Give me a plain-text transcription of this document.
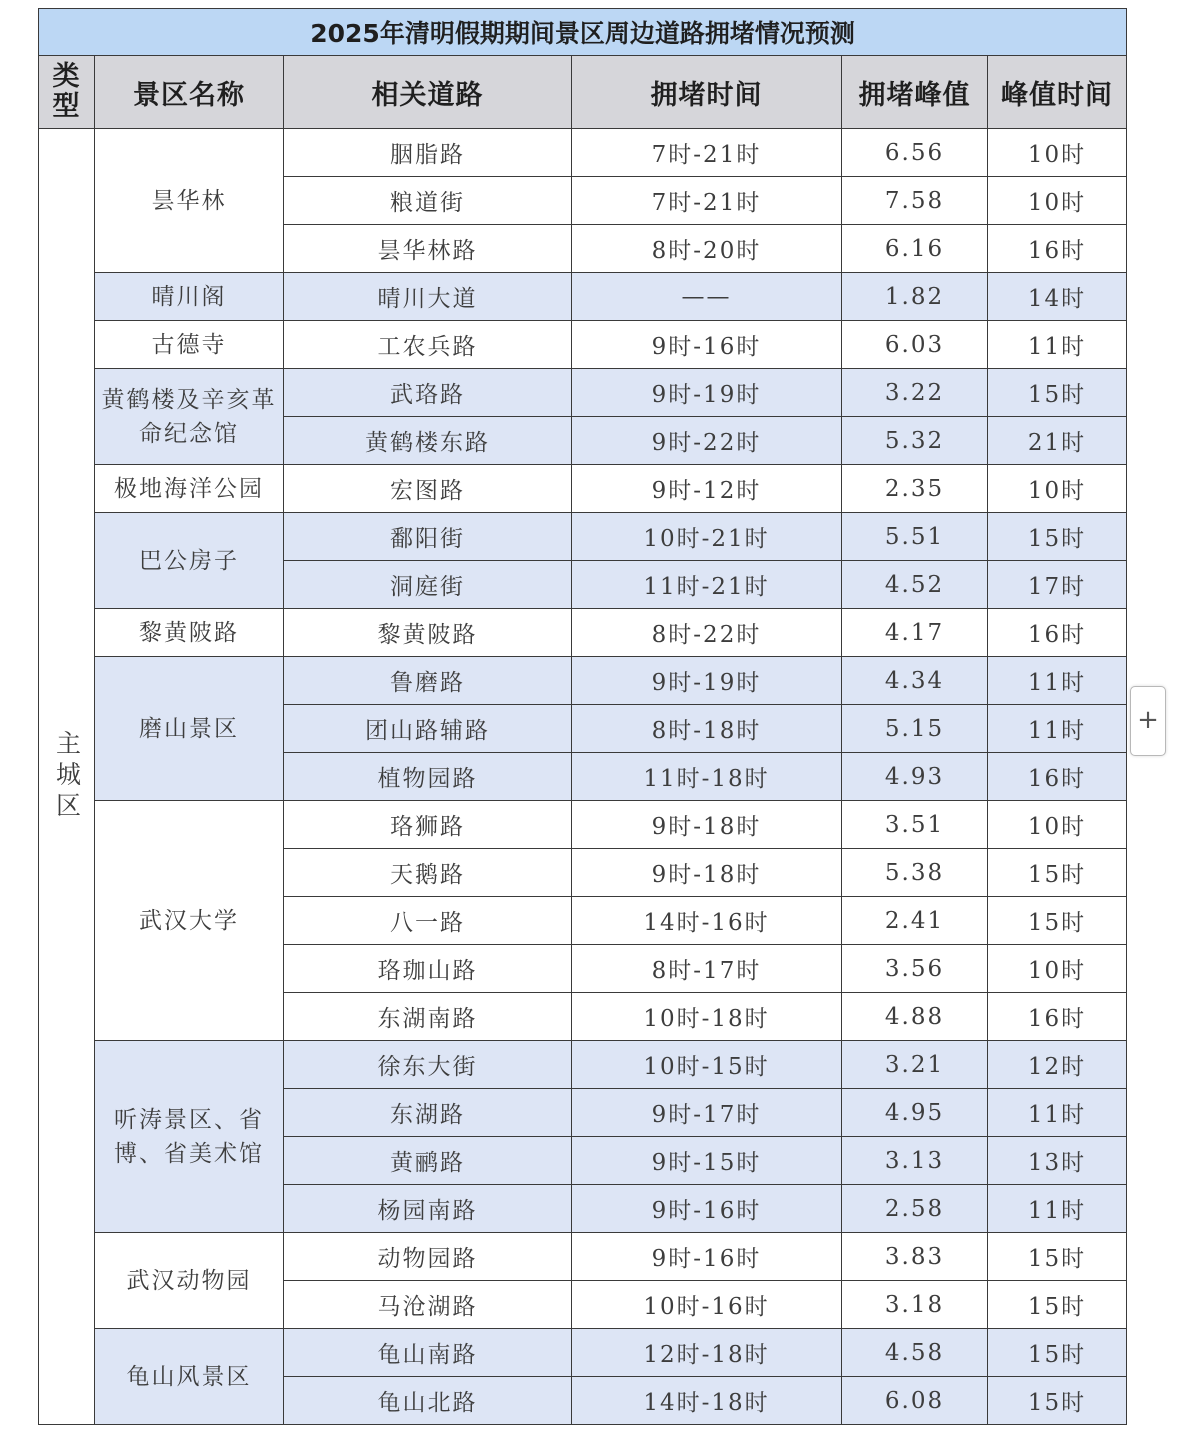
2025年清明假期期间景区周边道路拥堵情况预测					
类型	景区名称	相关道路	拥堵时间	拥堵峰值	峰值时间
主城区	昙华林	胭脂路	7时-21时	6.56	10时
		粮道街	7时-21时	7.58	10时
		昙华林路	8时-20时	6.16	16时
	晴川阁	晴川大道	——	1.82	14时
	古德寺	工农兵路	9时-16时	6.03	11时
	黄鹤楼及辛亥革命纪念馆	武珞路	9时-19时	3.22	15时
		黄鹤楼东路	9时-22时	5.32	21时
	极地海洋公园	宏图路	9时-12时	2.35	10时
	巴公房子	鄱阳街	10时-21时	5.51	15时
		洞庭街	11时-21时	4.52	17时
	黎黄陂路	黎黄陂路	8时-22时	4.17	16时
	磨山景区	鲁磨路	9时-19时	4.34	11时
		团山路辅路	8时-18时	5.15	11时
		植物园路	11时-18时	4.93	16时
	武汉大学	珞狮路	9时-18时	3.51	10时
		天鹅路	9时-18时	5.38	15时
		八一路	14时-16时	2.41	15时
		珞珈山路	8时-17时	3.56	10时
		东湖南路	10时-18时	4.88	16时
	听涛景区、省博、省美术馆	徐东大街	10时-15时	3.21	12时
		东湖路	9时-17时	4.95	11时
		黄鹂路	9时-15时	3.13	13时
		杨园南路	9时-16时	2.58	11时
	武汉动物园	动物园路	9时-16时	3.83	15时
		马沧湖路	10时-16时	3.18	15时
	龟山风景区	龟山南路	12时-18时	4.58	15时
		龟山北路	14时-18时	6.08	15时
+
